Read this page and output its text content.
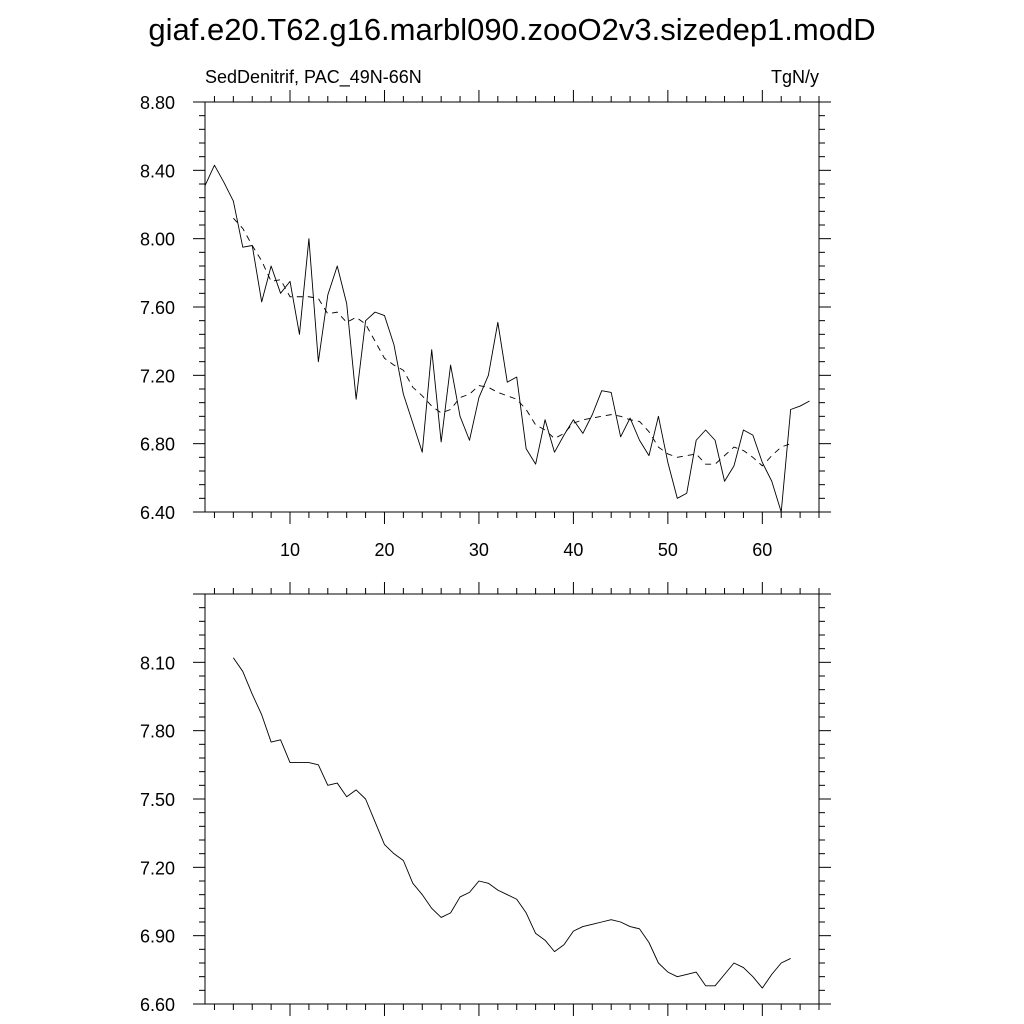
giaf.e20.T62.g16.marbl090.zooO2v3.sizedep1.modD
SedDenitrif, PAC_49N-66N	TgN/y
10	20	30	40	50	60
6.40
6.80
7.20
7.60
8.00
8.40
8.80
6.60
6.90
7.20
7.50
7.80
8.10
